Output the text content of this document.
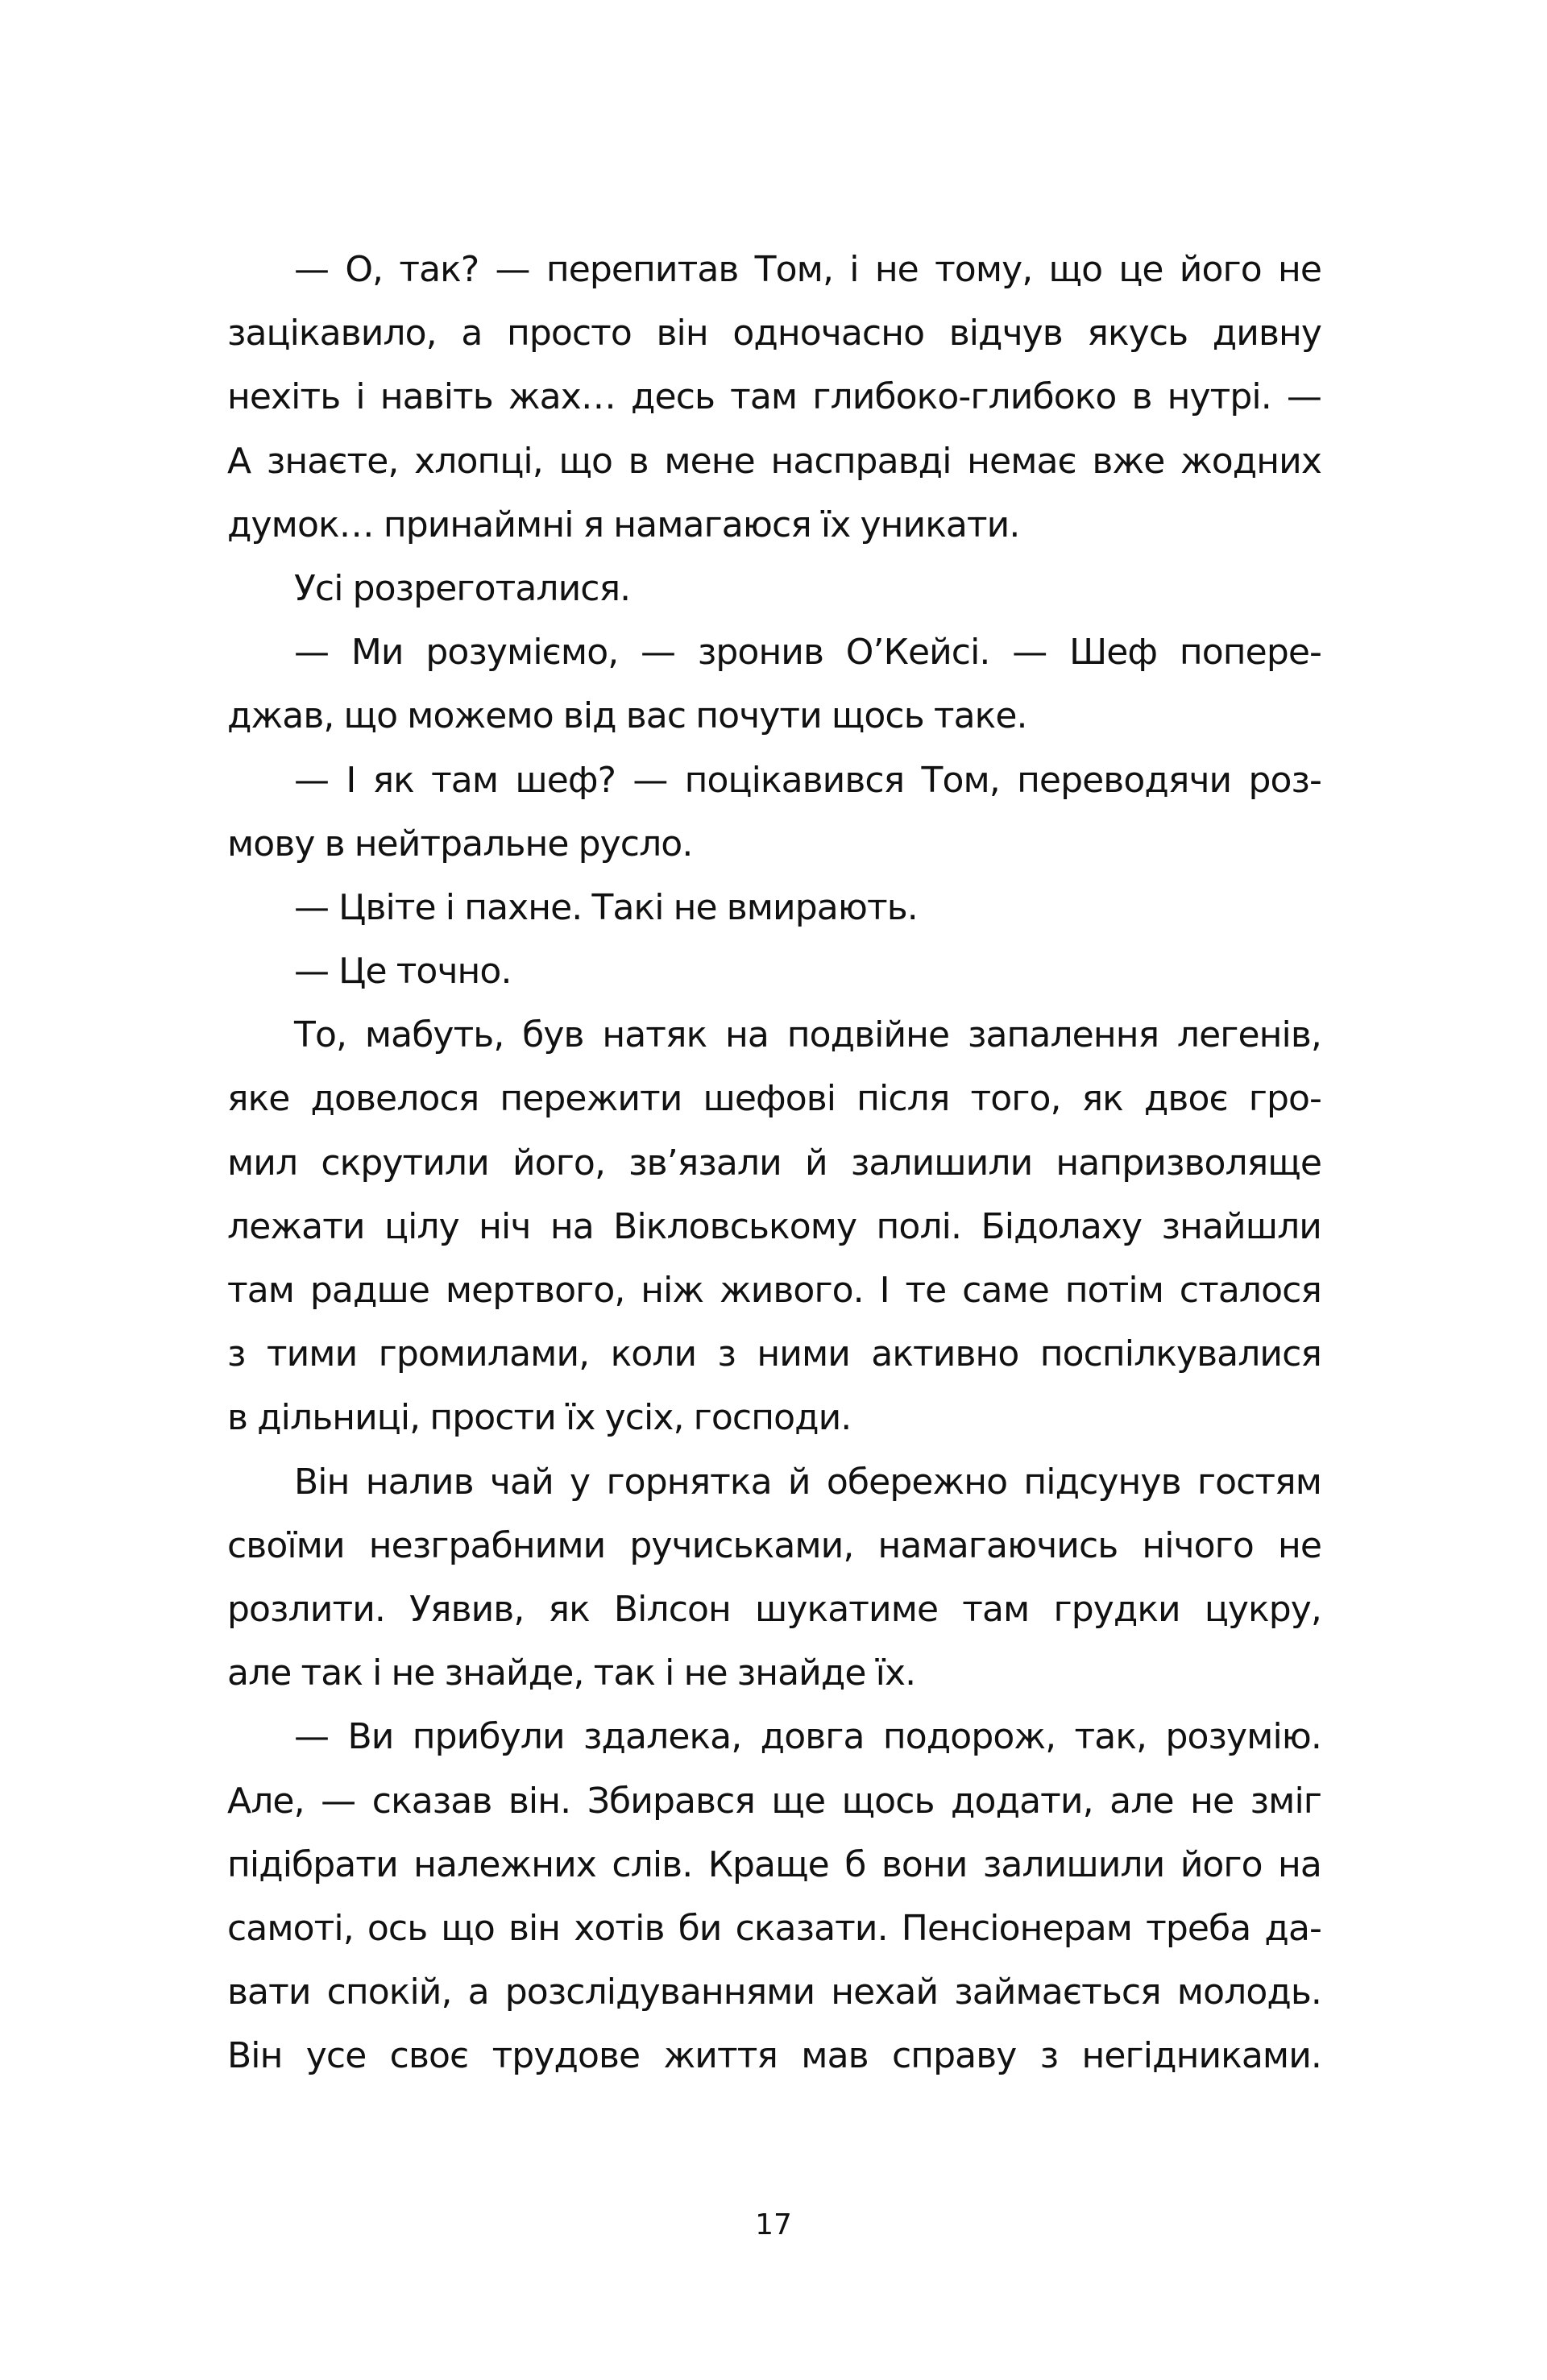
— О, так? — перепитав Том, і не тому, що це його не
зацікавило, а просто він одночасно відчув якусь дивну
нехіть і навіть жах… десь там глибоко-глибоко в нутрі. —
А знаєте, хлопці, що в мене насправді немає вже жодних
думок… принаймні я намагаюся їх уникати.
Усі розреготалися.
— Ми розуміємо, — зронив О’Кейсі. — Шеф попере-
джав, що можемо від вас почути щось таке.
— І як там шеф? — поцікавився Том, переводячи роз-
мову в нейтральне русло.
— Цвіте і пахне. Такі не вмирають.
— Це точно.
То, мабуть, був натяк на подвійне запалення легенів,
яке довелося пережити шефові після того, як двоє гро-
мил скрутили його, зв’язали й залишили напризволяще
лежати цілу ніч на Вікловському полі. Бідолаху знайшли
там радше мертвого, ніж живого. І те саме потім сталося
з тими громилами, коли з ними активно поспілкувалися
в дільниці, прости їх усіх, господи.
Він налив чай у горнятка й обережно підсунув гостям
своїми незграбними ручиськами, намагаючись нічого не
розлити. Уявив, як Вілсон шукатиме там грудки цукру,
але так і не знайде, так і не знайде їх.
— Ви прибули здалека, довга подорож, так, розумію.
Але, — сказав він. Збирався ще щось додати, але не зміг
підібрати належних слів. Краще б вони залишили його на
самоті, ось що він хотів би сказати. Пенсіонерам треба да-
вати спокій, а розслідуваннями нехай займається молодь.
Він усе своє трудове життя мав справу з негідниками.
17
